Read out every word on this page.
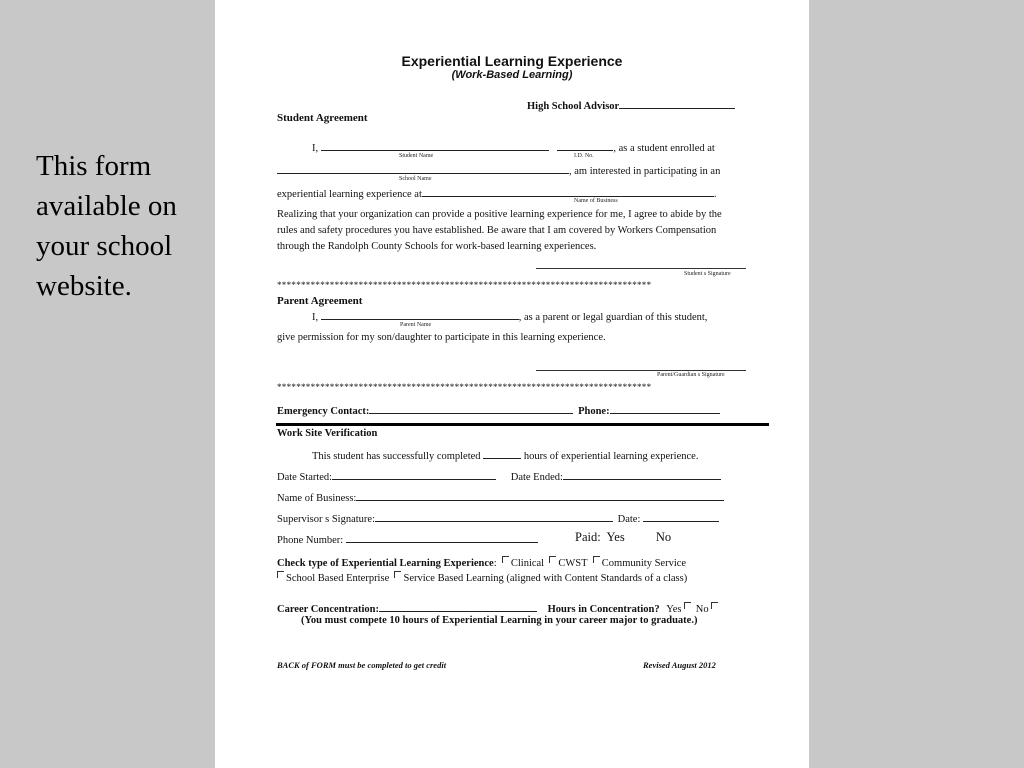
This form available on your school website.
Experiential Learning Experience
(Work-Based Learning)
High School Advisor
Student Agreement
I,	, as a student enrolled at
Student Name	I.D. No.
, am interested in participating in an
School Name
experiential learning experience at	.
Name of Business
Realizing that your organization can provide a positive learning experience for me, I agree to abide by the
rules and safety procedures you have established. Be aware that I am covered by Workers Compensation
through the Randolph County Schools for work-based learning experiences.
Student s Signature
******************************************************************************
Parent Agreement
I,	, as a parent or legal guardian of this student,
Parent Name
give permission for my son/daughter to participate in this learning experience.
Parent/Guardian s Signature
******************************************************************************
Emergency Contact:	Phone:
Work Site Verification
This student has successfully completed	hours of experiential learning experience.
Date Started:	Date Ended:
Name of Business:
Supervisor s Signature:	Date:
Phone Number:	Paid: Yes No
Check type of Experiential Learning Experience: Clinical CWST Community Service
School Based Enterprise Service Based Learning (aligned with Content Standards of a class)
Career Concentration:	Hours in Concentration? Yes No
(You must compete 10 hours of Experiential Learning in your career major to graduate.)
BACK of FORM must be completed to get credit	Revised August 2012
